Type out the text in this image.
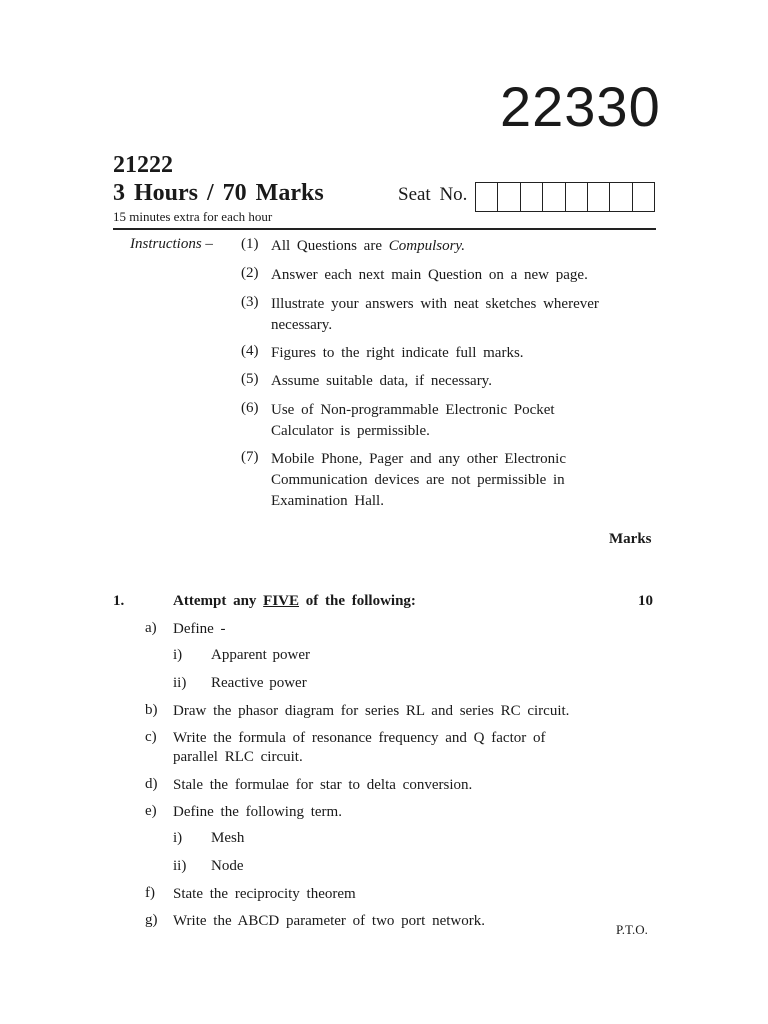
22330
21222
3 Hours / 70 Marks
15 minutes extra for each hour
Seat No.
Instructions – (1) All Questions are Compulsory.
(2) Answer each next main Question on a new page.
(3) Illustrate your answers with neat sketches wherever
necessary.
(4) Figures to the right indicate full marks.
(5) Assume suitable data, if necessary.
(6) Use of Non-programmable Electronic Pocket
Calculator is permissible.
(7) Mobile Phone, Pager and any other Electronic
Communication devices are not permissible in
Examination Hall.
Marks
1.	Attempt any FIVE of the following:	10
a) Define -
i) Apparent power
ii) Reactive power
b) Draw the phasor diagram for series RL and series RC circuit.
c) Write the formula of resonance frequency and Q factor of
parallel RLC circuit.
d) Stale the formulae for star to delta conversion.
e) Define the following term.
i) Mesh
ii) Node
f) State the reciprocity theorem
g) Write the ABCD parameter of two port network.
P.T.O.
